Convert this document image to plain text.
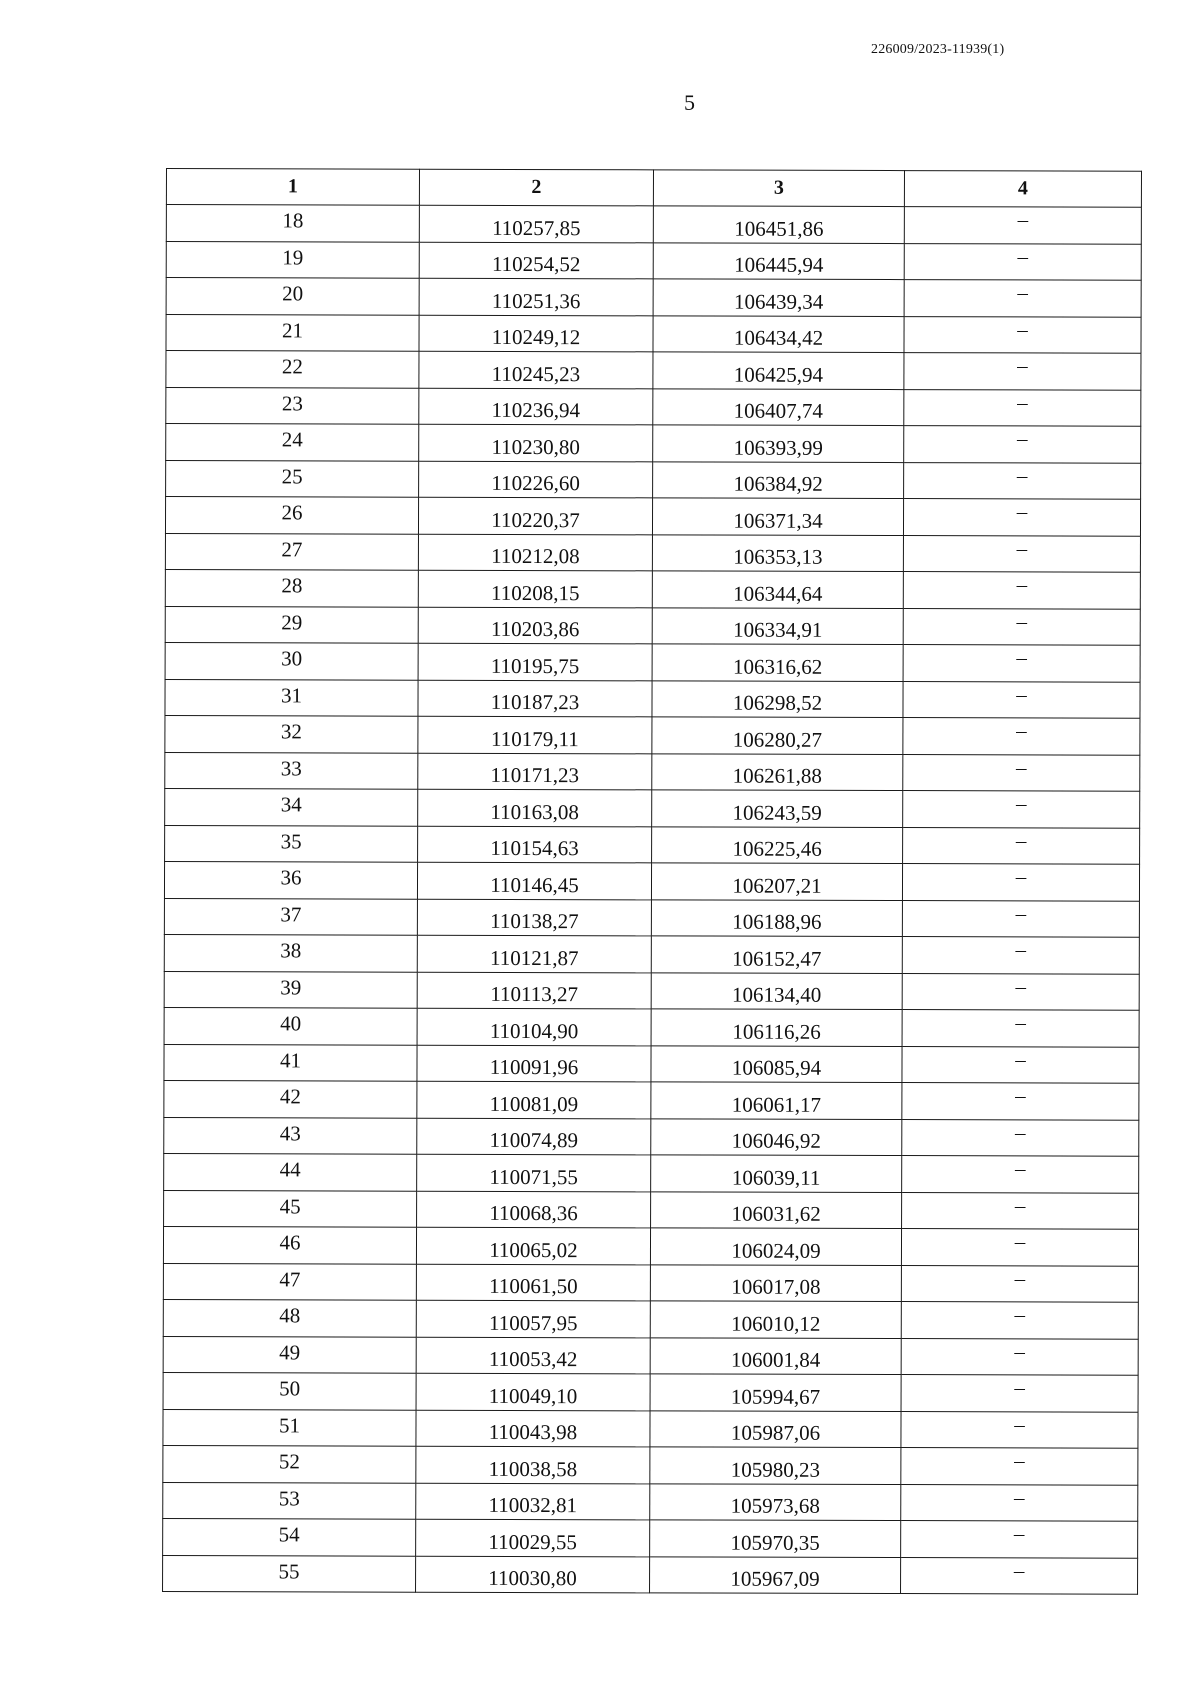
226009/2023-11939(1)
5
1	2	3	4
18	110257,85	106451,86	–
19	110254,52	106445,94	–
20	110251,36	106439,34	–
21	110249,12	106434,42	–
22	110245,23	106425,94	–
23	110236,94	106407,74	–
24	110230,80	106393,99	–
25	110226,60	106384,92	–
26	110220,37	106371,34	–
27	110212,08	106353,13	–
28	110208,15	106344,64	–
29	110203,86	106334,91	–
30	110195,75	106316,62	–
31	110187,23	106298,52	–
32	110179,11	106280,27	–
33	110171,23	106261,88	–
34	110163,08	106243,59	–
35	110154,63	106225,46	–
36	110146,45	106207,21	–
37	110138,27	106188,96	–
38	110121,87	106152,47	–
39	110113,27	106134,40	–
40	110104,90	106116,26	–
41	110091,96	106085,94	–
42	110081,09	106061,17	–
43	110074,89	106046,92	–
44	110071,55	106039,11	–
45	110068,36	106031,62	–
46	110065,02	106024,09	–
47	110061,50	106017,08	–
48	110057,95	106010,12	–
49	110053,42	106001,84	–
50	110049,10	105994,67	–
51	110043,98	105987,06	–
52	110038,58	105980,23	–
53	110032,81	105973,68	–
54	110029,55	105970,35	–
55	110030,80	105967,09	–
